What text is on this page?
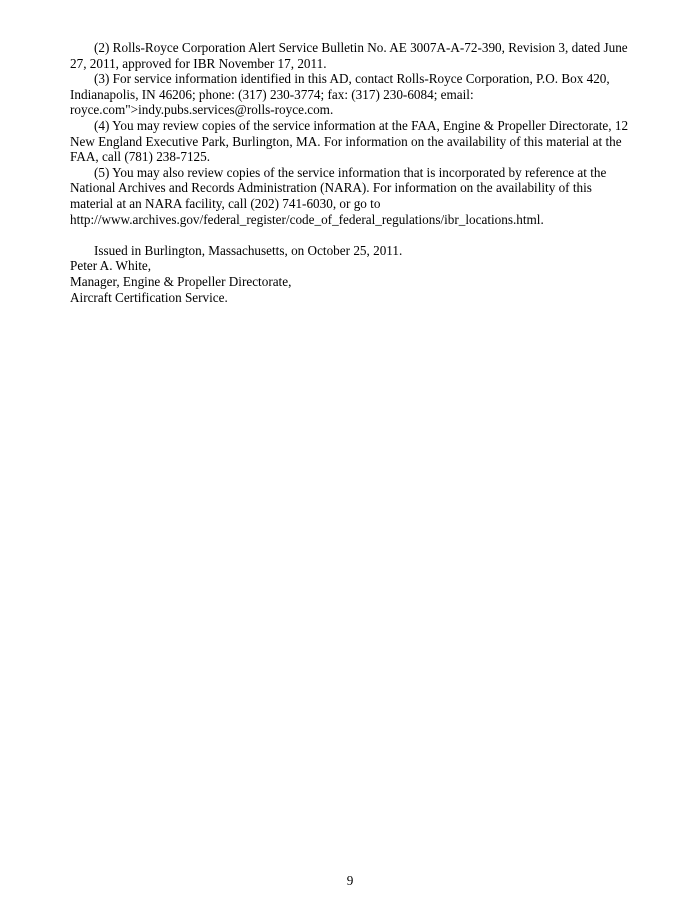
(2) Rolls-Royce Corporation Alert Service Bulletin No. AE 3007A-A-72-390, Revision 3, dated June 27, 2011, approved for IBR November 17, 2011.

(3) For service information identified in this AD, contact Rolls-Royce Corporation, P.O. Box 420, Indianapolis, IN 46206; phone: (317) 230-3774; fax: (317) 230-6084; email: royce.com">indy.pubs.services@rolls-royce.com.

(4) You may review copies of the service information at the FAA, Engine & Propeller Directorate, 12 New England Executive Park, Burlington, MA. For information on the availability of this material at the FAA, call (781) 238-7125.

(5) You may also review copies of the service information that is incorporated by reference at the National Archives and Records Administration (NARA). For information on the availability of this material at an NARA facility, call (202) 741-6030, or go to

http://www.archives.gov/federal_register/code_of_federal_regulations/ibr_locations.html.

Issued in Burlington, Massachusetts, on October 25, 2011.

Peter A. White,

Manager, Engine & Propeller Directorate,

Aircraft Certification Service.

9
